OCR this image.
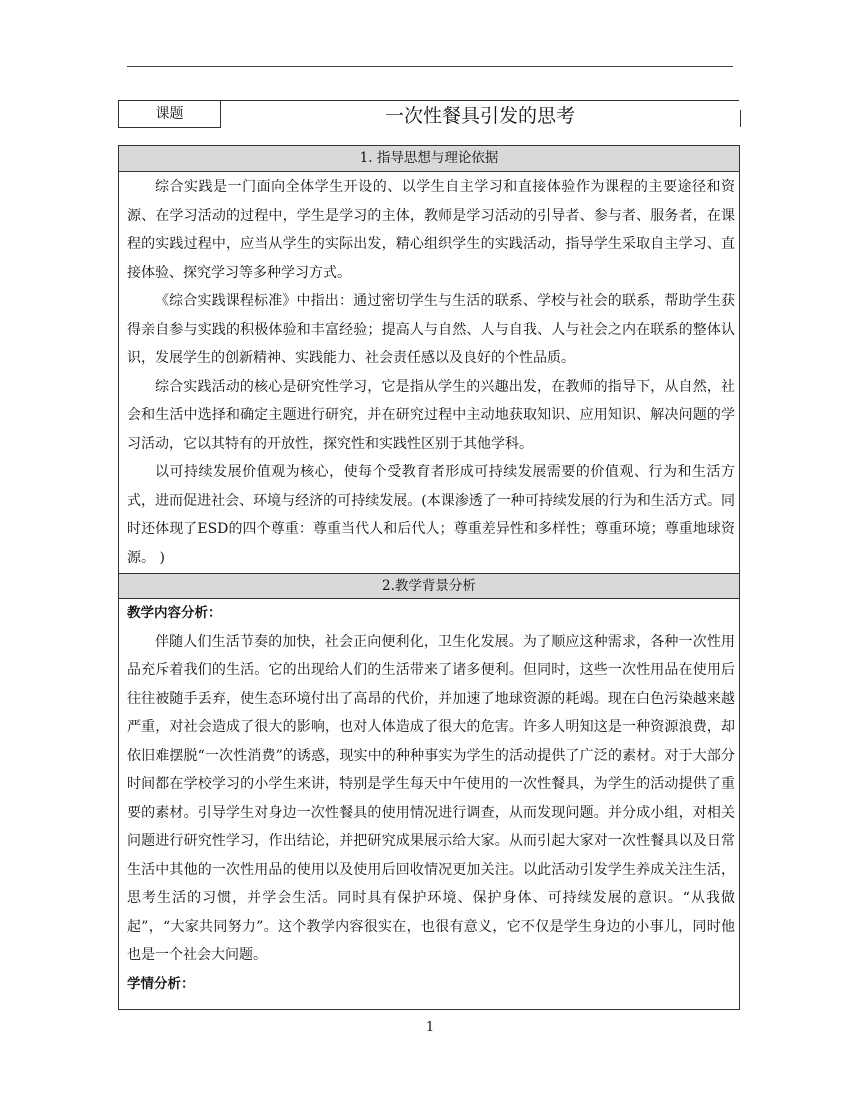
课题	一次性餐具引发的思考
1. 指导思想与理论依据

综合实践是一门面向全体学生开设的、以学生自主学习和直接体验作为课程的主要途径和资源、在学习活动的过程中，学生是学习的主体，教师是学习活动的引导者、参与者、服务者，在课程的实践过程中，应当从学生的实际出发，精心组织学生的实践活动，指导学生采取自主学习、直接体验、探究学习等多种学习方式。

《综合实践课程标准》中指出：通过密切学生与生活的联系、学校与社会的联系，帮助学生获得亲自参与实践的积极体验和丰富经验；提高人与自然、人与自我、人与社会之内在联系的整体认识，发展学生的创新精神、实践能力、社会责任感以及良好的个性品质。

综合实践活动的核心是研究性学习，它是指从学生的兴趣出发，在教师的指导下，从自然，社会和生活中选择和确定主题进行研究，并在研究过程中主动地获取知识、应用知识、解决问题的学习活动，它以其特有的开放性，探究性和实践性区别于其他学科。

以可持续发展价值观为核心，使每个受教育者形成可持续发展需要的价值观、行为和生活方式，进而促进社会、环境与经济的可持续发展。(本课渗透了一种可持续发展的行为和生活方式。同时还体现了ESD的四个尊重：尊重当代人和后代人；尊重差异性和多样性；尊重环境；尊重地球资源。 )

2.教学背景分析

教学内容分析：

伴随人们生活节奏的加快，社会正向便利化，卫生化发展。为了顺应这种需求，各种一次性用品充斥着我们的生活。它的出现给人们的生活带来了诸多便利。但同时，这些一次性用品在使用后往往被随手丢弃，使生态环境付出了高昂的代价，并加速了地球资源的耗竭。现在白色污染越来越严重，对社会造成了很大的影响，也对人体造成了很大的危害。许多人明知这是一种资源浪费，却依旧难摆脱“一次性消费”的诱惑，现实中的种种事实为学生的活动提供了广泛的素材。对于大部分时间都在学校学习的小学生来讲，特别是学生每天中午使用的一次性餐具，为学生的活动提供了重要的素材。引导学生对身边一次性餐具的使用情况进行调查，从而发现问题。并分成小组，对相关问题进行研究性学习，作出结论，并把研究成果展示给大家。从而引起大家对一次性餐具以及日常生活中其他的一次性用品的使用以及使用后回收情况更加关注。以此活动引发学生养成关注生活，思考生活的习惯，并学会生活。同时具有保护环境、保护身体、可持续发展的意识。“从我做起”，“大家共同努力”。这个教学内容很实在，也很有意义，它不仅是学生身边的小事儿，同时他也是一个社会大问题。

学情分析：

1
